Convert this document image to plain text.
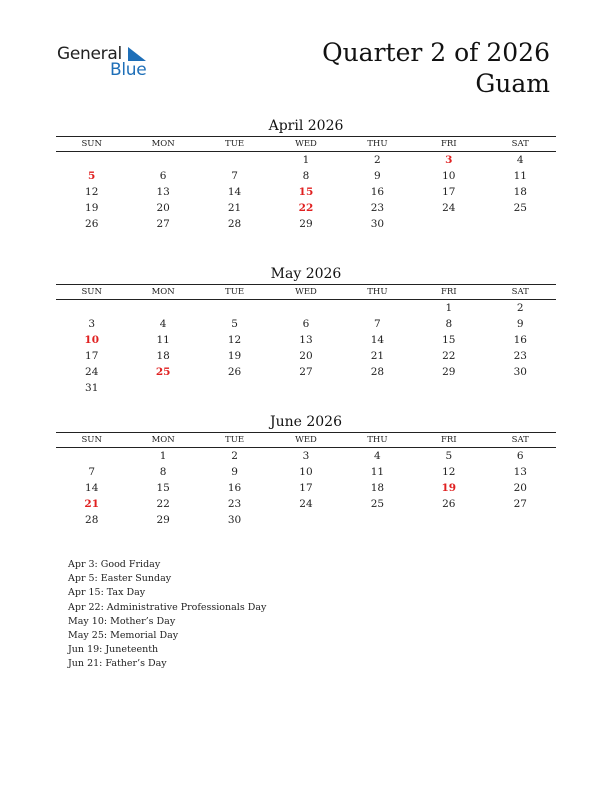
General
Blue
Quarter 2 of 2026
Guam
April 2026
SUN	MON	TUE	WED	THU	FRI	SAT
			1	2	3	4
5	6	7	8	9	10	11
12	13	14	15	16	17	18
19	20	21	22	23	24	25
26	27	28	29	30		
May 2026
SUN	MON	TUE	WED	THU	FRI	SAT
					1	2
3	4	5	6	7	8	9
10	11	12	13	14	15	16
17	18	19	20	21	22	23
24	25	26	27	28	29	30
31						
June 2026
SUN	MON	TUE	WED	THU	FRI	SAT
	1	2	3	4	5	6
7	8	9	10	11	12	13
14	15	16	17	18	19	20
21	22	23	24	25	26	27
28	29	30				
Apr 3: Good Friday
Apr 5: Easter Sunday
Apr 15: Tax Day
Apr 22: Administrative Professionals Day
May 10: Mother’s Day
May 25: Memorial Day
Jun 19: Juneteenth
Jun 21: Father’s Day
